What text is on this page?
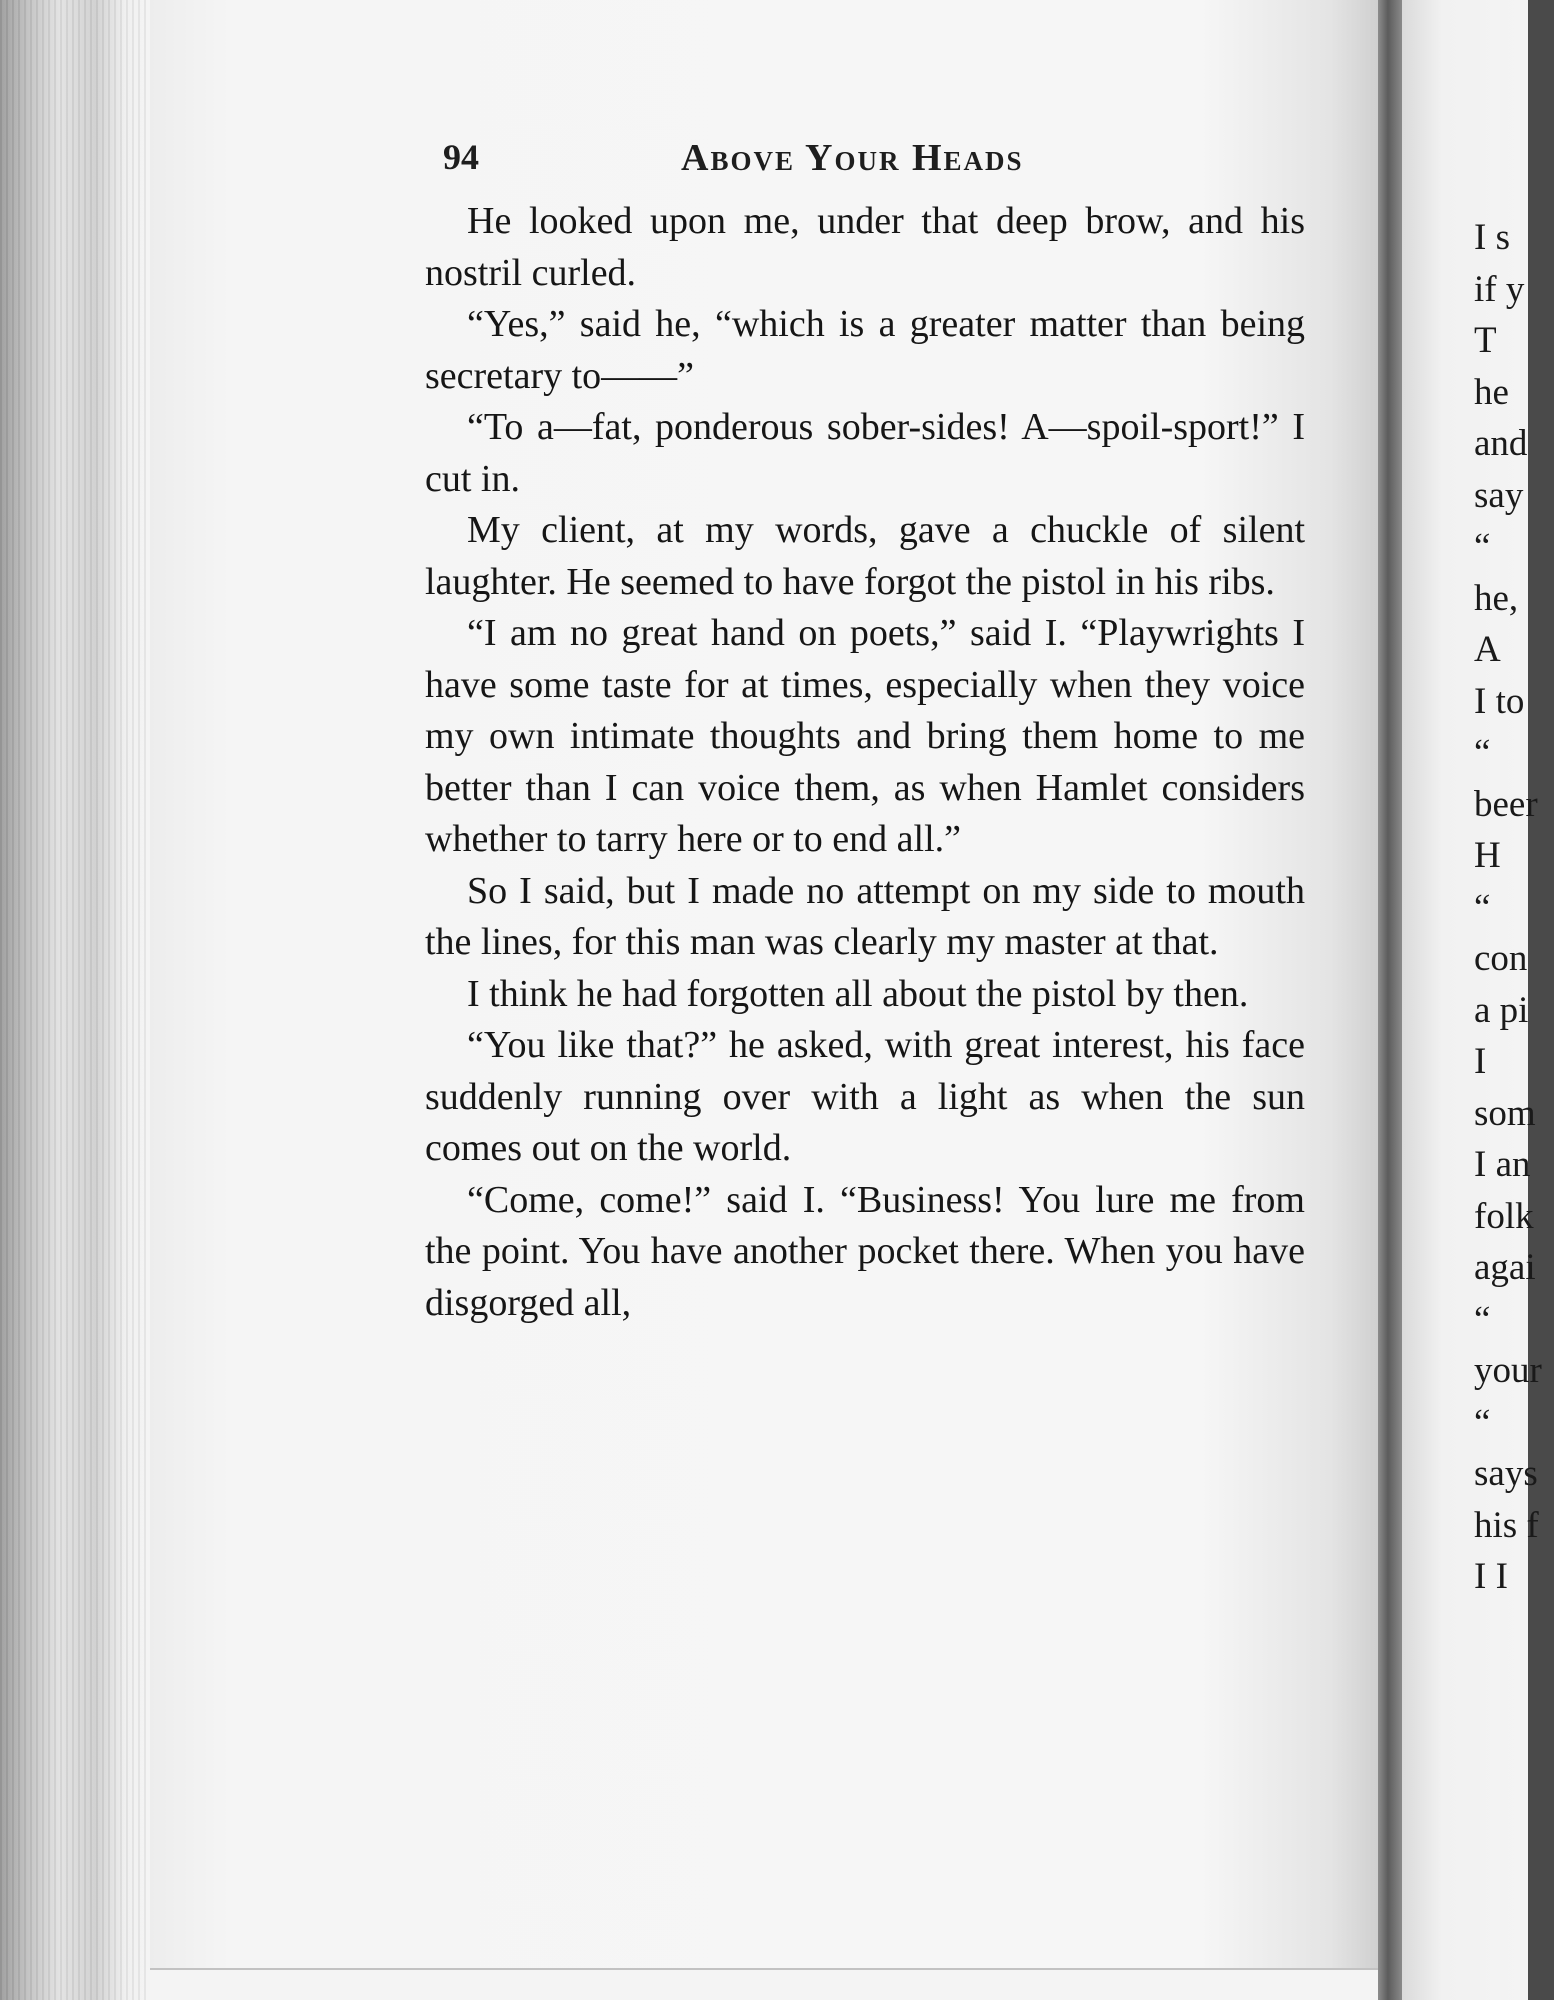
94	Above Your Heads

He looked upon me, under that deep brow, and his nostril curled.

“Yes,” said he, “which is a greater matter than being secretary to——”

“To a—fat, ponderous sober-sides! A—spoil-sport!” I cut in.

My client, at my words, gave a chuckle of silent laughter. He seemed to have forgot the pistol in his ribs.

“I am no great hand on poets,” said I. “Playwrights I have some taste for at times, especially when they voice my own intimate thoughts and bring them home to me better than I can voice them, as when Hamlet considers whether to tarry here or to end all.”

So I said, but I made no attempt on my side to mouth the lines, for this man was clearly my master at that.

I think he had forgotten all about the pistol by then.

“You like that?” he asked, with great interest, his face suddenly running over with a light as when the sun comes out on the world.

“Come, come!” said I. “Business! You lure me from the point. You have another pocket there. When you have disgorged all,

I s
if y
T
he
and
say
“
he,
A
I to
“
beer
H
“
con
a pi
I
som
I an
folk
agai
“
your
“
says
his f
I I
